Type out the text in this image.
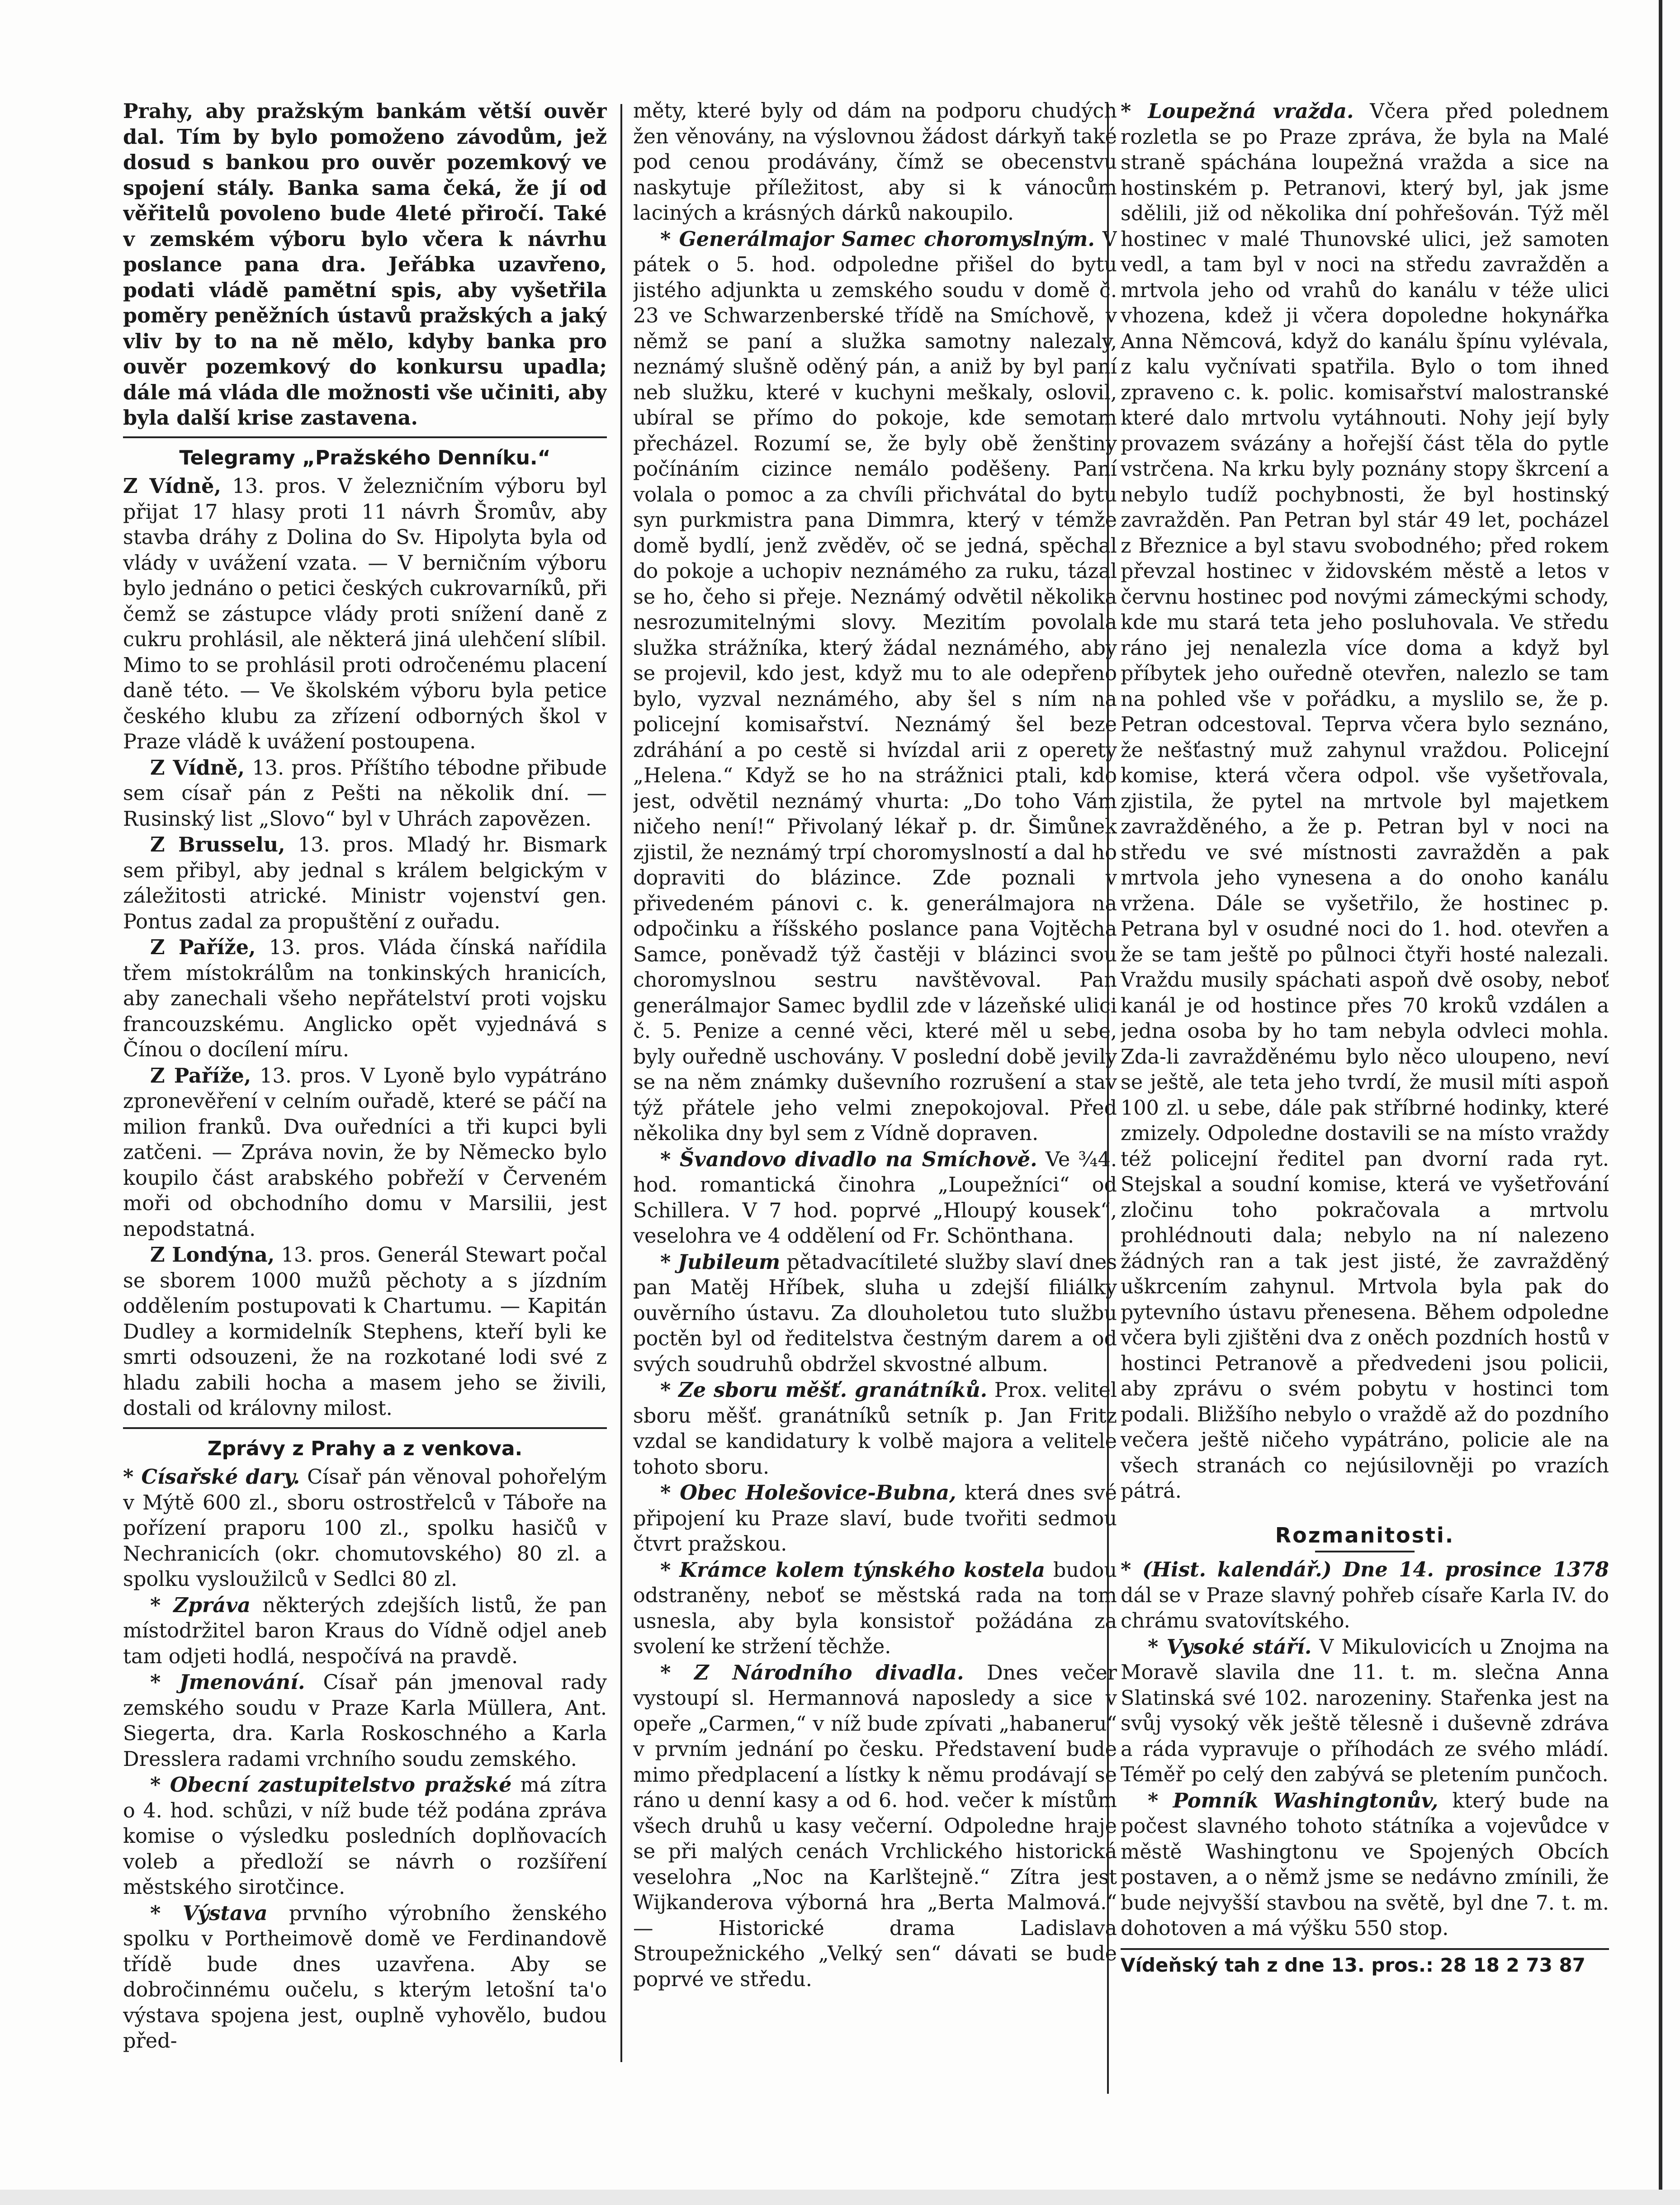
Prahy, aby pražským bankám větší ouvěr dal. Tím by bylo pomoženo závodům, jež dosud s bankou pro ouvěr pozemkový ve spojení stály. Banka sama čeká, že jí od věřitelů povoleno bude 4leté přiročí. Také v zemském výboru bylo včera k návrhu poslance pana dra. Jeřábka uzavřeno, podati vládě pamětní spis, aby vyšetřila poměry peněžních ústavů pražských a jaký vliv by to na ně mělo, kdyby banka pro ouvěr pozemkový do konkursu upadla; dále má vláda dle možnosti vše učiniti, aby byla další krise zastavena.

Telegramy „Pražského Denníku.“

Z Vídně, 13. pros. V železničním výboru byl přijat 17 hlasy proti 11 návrh Šromův, aby stavba dráhy z Dolina do Sv. Hipolyta byla od vlády v uvážení vzata. — V berničním výboru bylo jednáno o petici českých cukrovarníků, při čemž se zástupce vlády proti snížení daně z cukru prohlásil, ale některá jiná ulehčení slíbil. Mimo to se prohlásil proti odročenému placení daně této. — Ve školském výboru byla petice českého klubu za zřízení odborných škol v Praze vládě k uvážení postoupena.

Z Vídně, 13. pros. Příštího tébodne přibude sem císař pán z Pešti na několik dní. — Rusinský list „Slovo“ byl v Uhrách zapovězen.

Z Brusselu, 13. pros. Mladý hr. Bismark sem přibyl, aby jednal s králem belgickým v záležitosti atrické. Ministr vojenství gen. Pontus zadal za propuštění z ouřadu.

Z Paříže, 13. pros. Vláda čínská nařídila třem místokrálům na tonkinských hranicích, aby zanechali všeho nepřátelství proti vojsku francouzskému. Anglicko opět vyjednává s Čínou o docílení míru.

Z Paříže, 13. pros. V Lyoně bylo vypátráno zpronevěření v celním ouřadě, které se páčí na milion franků. Dva ouředníci a tři kupci byli zatčeni. — Zpráva novin, že by Německo bylo koupilo část arabského pobřeží v Červeném moři od obchodního domu v Marsilii, jest nepodstatná.

Z Londýna, 13. pros. Generál Stewart počal se sborem 1000 mužů pěchoty a s jízdním oddělením postupovati k Chartumu. — Kapitán Dudley a kormidelník Stephens, kteří byli ke smrti odsouzeni, že na rozkotané lodi své z hladu zabili hocha a masem jeho se živili, dostali od královny milost.

Zprávy z Prahy a z venkova.

* Císařské dary. Císař pán věnoval pohořelým v Mýtě 600 zl., sboru ostrostřelců v Táboře na pořízení praporu 100 zl., spolku hasičů v Nechranicích (okr. chomutovského) 80 zl. a spolku vysloužilců v Sedlci 80 zl.

* Zpráva některých zdejších listů, že pan místodržitel baron Kraus do Vídně odjel aneb tam odjeti hodlá, nespočívá na pravdě.

* Jmenování. Císař pán jmenoval rady zemského soudu v Praze Karla Müllera, Ant. Siegerta, dra. Karla Roskoschného a Karla Dresslera radami vrchního soudu zemského.

* Obecní zastupitelstvo pražské má zítra o 4. hod. schůzi, v níž bude též podána zpráva komise o výsledku posledních doplňovacích voleb a předloží se návrh o rozšíření městského sirotčince.

* Výstava prvního výrobního ženského spolku v Portheimově domě ve Ferdinandově třídě bude dnes uzavřena. Aby se dobročinnému oučelu, s kterým letošní ta'o výstava spojena jest, ouplně vyhovělo, budou před-

měty, které byly od dám na podporu chudých žen věnovány, na výslovnou žádost dárkyň také pod cenou prodávány, čímž se obecenstvu naskytuje příležitost, aby si k vánocům laciných a krásných dárků nakoupilo.

* Generálmajor Samec choromyslným. V pátek o 5. hod. odpoledne přišel do bytu jistého adjunkta u zemského soudu v domě č. 23 ve Schwarzenberské třídě na Smíchově, v němž se paní a služka samotny nalezaly, neznámý slušně oděný pán, a aniž by byl paní neb služku, které v kuchyni meškaly, oslovil, ubíral se přímo do pokoje, kde semotam přecházel. Rozumí se, že byly obě ženštiny počínáním cizince nemálo poděšeny. Paní volala o pomoc a za chvíli přichvátal do bytu syn purkmistra pana Dimmra, který v témže domě bydlí, jenž zvěděv, oč se jedná, spěchal do pokoje a uchopiv neznámého za ruku, tázal se ho, čeho si přeje. Neznámý odvětil několika nesrozumitelnými slovy. Mezitím povolala služka strážníka, který žádal neznámého, aby se projevil, kdo jest, když mu to ale odepřeno bylo, vyzval neznámého, aby šel s ním na policejní komisařství. Neznámý šel beze zdráhání a po cestě si hvízdal arii z operety „Helena.“ Když se ho na strážnici ptali, kdo jest, odvětil neznámý vhurta: „Do toho Vám ničeho není!“ Přivolaný lékař p. dr. Šimůnek zjistil, že neznámý trpí choromyslností a dal ho dopraviti do blázince. Zde poznali v přivedeném pánovi c. k. generálmajora na odpočinku a říšského poslance pana Vojtěcha Samce, poněvadž týž častěji v blázinci svou choromyslnou sestru navštěvoval. Pan generálmajor Samec bydlil zde v lázeňské ulici č. 5. Penize a cenné věci, které měl u sebe, byly ouředně uschovány. V poslední době jevily se na něm známky duševního rozrušení a stav týž přátele jeho velmi znepokojoval. Před několika dny byl sem z Vídně dopraven.

* Švandovo divadlo na Smíchově. Ve ¾4. hod. romantická činohra „Loupežníci“ od Schillera. V 7 hod. poprvé „Hloupý kousek“, veselohra ve 4 oddělení od Fr. Schönthana.

* Jubileum pětadvacítileté služby slaví dnes pan Matěj Hříbek, sluha u zdejší filiálky ouvěrního ústavu. Za dlouholetou tuto službu poctěn byl od ředitelstva čestným darem a od svých soudruhů obdržel skvostné album.

* Ze sboru měšť. granátníků. Prox. velitel sboru měšť. granátníků setník p. Jan Fritz vzdal se kandidatury k volbě majora a velitele tohoto sboru.

* Obec Holešovice-Bubna, která dnes své připojení ku Praze slaví, bude tvořiti sedmou čtvrt pražskou.

* Krámce kolem týnského kostela budou odstraněny, neboť se městská rada na tom usnesla, aby byla konsistoř požádána za svolení ke stržení těchže.

* Z Národního divadla. Dnes večer vystoupí sl. Hermannová naposledy a sice v opeře „Carmen,“ v níž bude zpívati „habaneru“ v prvním jednání po česku. Představení bude mimo předplacení a lístky k němu prodávají se ráno u denní kasy a od 6. hod. večer k místům všech druhů u kasy večerní. Odpoledne hraje se při malých cenách Vrchlického historická veselohra „Noc na Karlštejně.“ Zítra jest Wijkanderova výborná hra „Berta Malmová.“ — Historické drama Ladislava Stroupežnického „Velký sen“ dávati se bude poprvé ve středu.

* Loupežná vražda. Včera před polednem rozletla se po Praze zpráva, že byla na Malé straně spáchána loupežná vražda a sice na hostinském p. Petranovi, který byl, jak jsme sdělili, již od několika dní pohřešován. Týž měl hostinec v malé Thunovské ulici, jež samoten vedl, a tam byl v noci na středu zavražděn a mrtvola jeho od vrahů do kanálu v téže ulici vhozena, kdež ji včera dopoledne hokynářka Anna Němcová, když do kanálu špínu vylévala, z kalu vyčnívati spatřila. Bylo o tom ihned zpraveno c. k. polic. komisařství malostranské které dalo mrtvolu vytáhnouti. Nohy její byly provazem svázány a hořejší část těla do pytle vstrčena. Na krku byly poznány stopy škrcení a nebylo tudíž pochybnosti, že byl hostinský zavražděn. Pan Petran byl stár 49 let, pocházel z Březnice a byl stavu svobodného; před rokem převzal hostinec v židovském městě a letos v červnu hostinec pod novými zámeckými schody, kde mu stará teta jeho posluhovala. Ve středu ráno jej nenalezla více doma a když byl příbytek jeho ouředně otevřen, nalezlo se tam na pohled vše v pořádku, a myslilo se, že p. Petran odcestoval. Teprva včera bylo seznáno, že nešťastný muž zahynul vraždou. Policejní komise, která včera odpol. vše vyšetřovala, zjistila, že pytel na mrtvole byl majetkem zavražděného, a že p. Petran byl v noci na středu ve své místnosti zavražděn a pak mrtvola jeho vynesena a do onoho kanálu vržena. Dále se vyšetřilo, že hostinec p. Petrana byl v osudné noci do 1. hod. otevřen a že se tam ještě po půlnoci čtyři hosté nalezali. Vraždu musily spáchati aspoň dvě osoby, neboť kanál je od hostince přes 70 kroků vzdálen a jedna osoba by ho tam nebyla odvleci mohla. Zda-li zavražděnému bylo něco uloupeno, neví se ještě, ale teta jeho tvrdí, že musil míti aspoň 100 zl. u sebe, dále pak stříbrné hodinky, které zmizely. Odpoledne dostavili se na místo vraždy též policejní ředitel pan dvorní rada ryt. Stejskal a soudní komise, která ve vyšetřování zločinu toho pokračovala a mrtvolu prohlédnouti dala; nebylo na ní nalezeno žádných ran a tak jest jisté, že zavražděný uškrcením zahynul. Mrtvola byla pak do pytevního ústavu přenesena. Během odpoledne včera byli zjištěni dva z oněch pozdních hostů v hostinci Petranově a předvedeni jsou policii, aby zprávu o svém pobytu v hostinci tom podali. Bližšího nebylo o vraždě až do pozdního večera ještě ničeho vypátráno, policie ale na všech stranách co nejúsilovněji po vrazích pátrá.

Rozmanitosti.

* (Hist. kalendář.) Dne 14. prosince 1378 dál se v Praze slavný pohřeb císaře Karla IV. do chrámu svatovítského.

* Vysoké stáří. V Mikulovicích u Znojma na Moravě slavila dne 11. t. m. slečna Anna Slatinská své 102. narozeniny. Stařenka jest na svůj vysoký věk ještě tělesně i duševně zdráva a ráda vypravuje o příhodách ze svého mládí. Téměř po celý den zabývá se pletením punčoch.

* Pomník Washingtonův, který bude na počest slavného tohoto státníka a vojevůdce v městě Washingtonu ve Spojených Obcích postaven, a o němž jsme se nedávno zmínili, že bude nejvyšší stavbou na světě, byl dne 7. t. m. dohotoven a má výšku 550 stop.

Vídeňský tah z dne 13. pros.: 28 18 2 73 87
